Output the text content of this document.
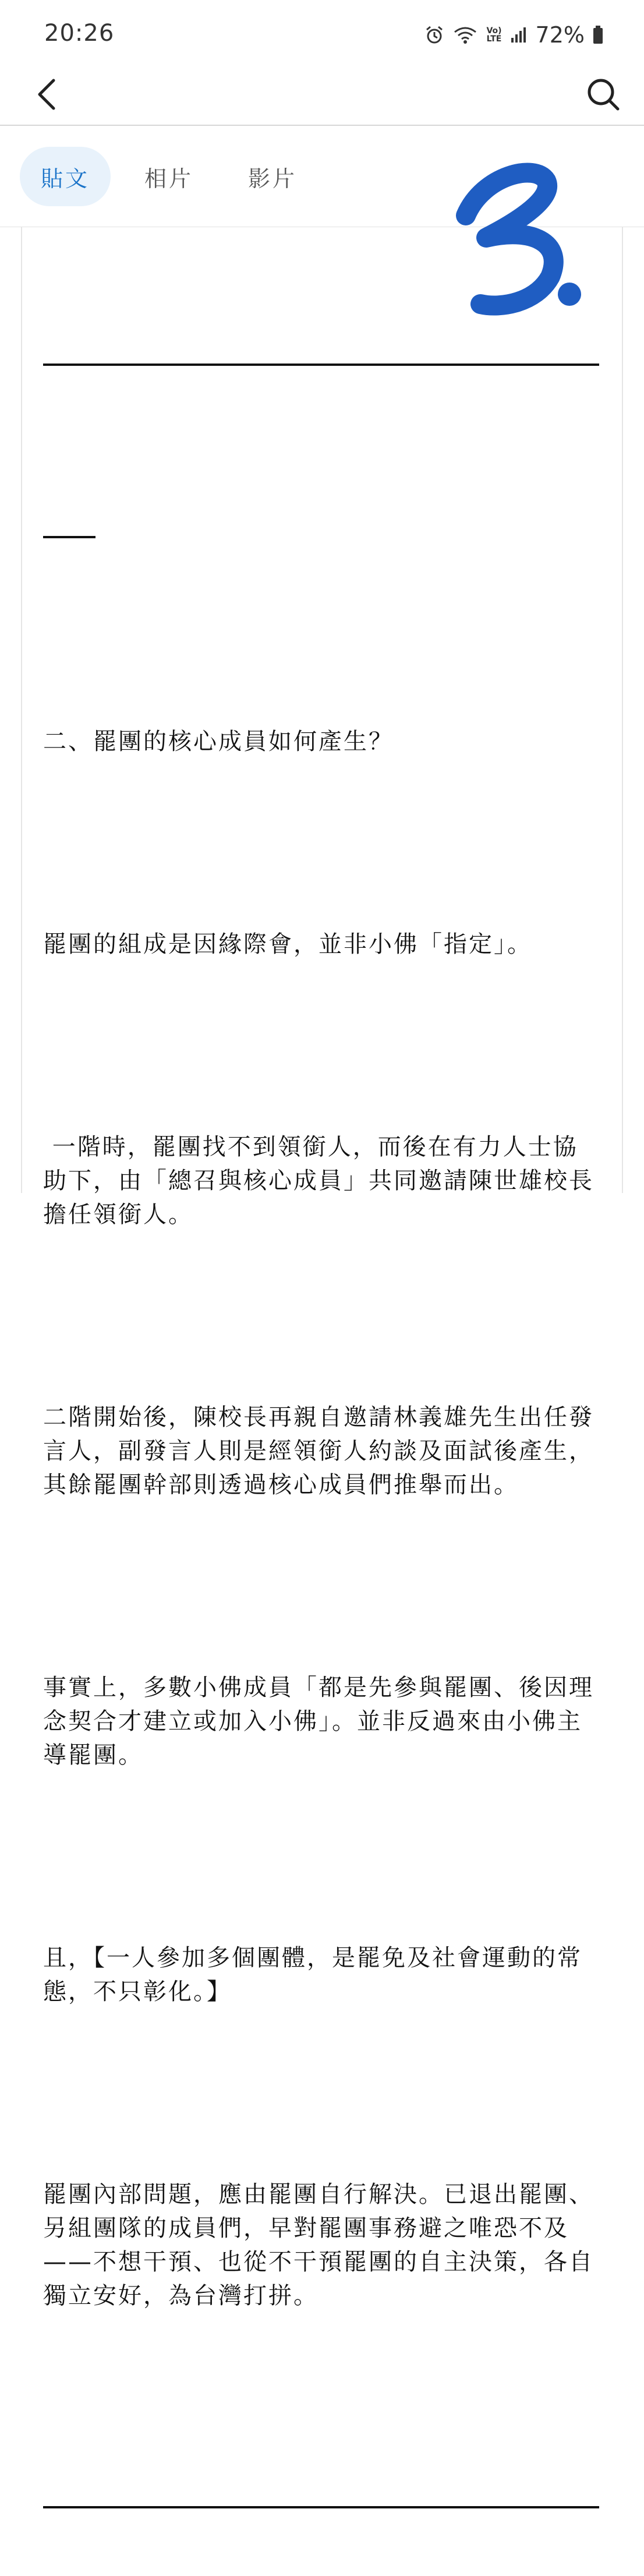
20:26	Vo)
LTE 72%
貼文	相片	影片

二、罷團的核心成員如何產生？

罷團的組成是因緣際會，並非小佛「指定」。

一階時，罷團找不到領銜人，而後在有力人士協助下，由「總召與核心成員」共同邀請陳世雄校長擔任領銜人。

二階開始後，陳校長再親自邀請林義雄先生出任發言人，副發言人則是經領銜人約談及面試後產生，其餘罷團幹部則透過核心成員們推舉而出。

事實上，多數小佛成員「都是先參與罷團、後因理念契合才建立或加入小佛」。並非反過來由小佛主導罷團。

且，【一人參加多個團體，是罷免及社會運動的常態，不只彰化。】

罷團內部問題，應由罷團自行解決。已退出罷團、另組團隊的成員們，早對罷團事務避之唯恐不及——不想干預、也從不干預罷團的自主決策，各自獨立安好，為台灣打拼。
